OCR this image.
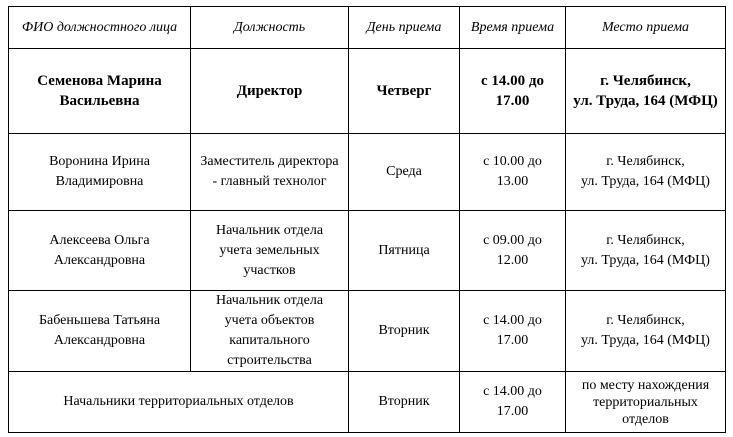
ФИО должностного лица	Должность	День приема	Время приема	Место приема
Семенова Марина Васильевна	Директор	Четверг	с 14.00 до 17.00	г. Челябинск,
ул. Труда, 164 (МФЦ)

Воронина Ирина Владимировна	Заместитель директора - главный технолог	Среда	с 10.00 до 13.00	г. Челябинск,
ул. Труда, 164 (МФЦ)

Алексеева Ольга Александровна	Начальник отдела учета земельных участков	Пятница	с 09.00 до 12.00	г. Челябинск,
ул. Труда, 164 (МФЦ)

Бабеньшева Татьяна Александровна	Начальник отдела учета объектов капитального строительства	Вторник	с 14.00 до 17.00	г. Челябинск,
ул. Труда, 164 (МФЦ)

Начальники территориальных отделов		Вторник	с 14.00 до 17.00	по месту нахождения территориальных отделов
